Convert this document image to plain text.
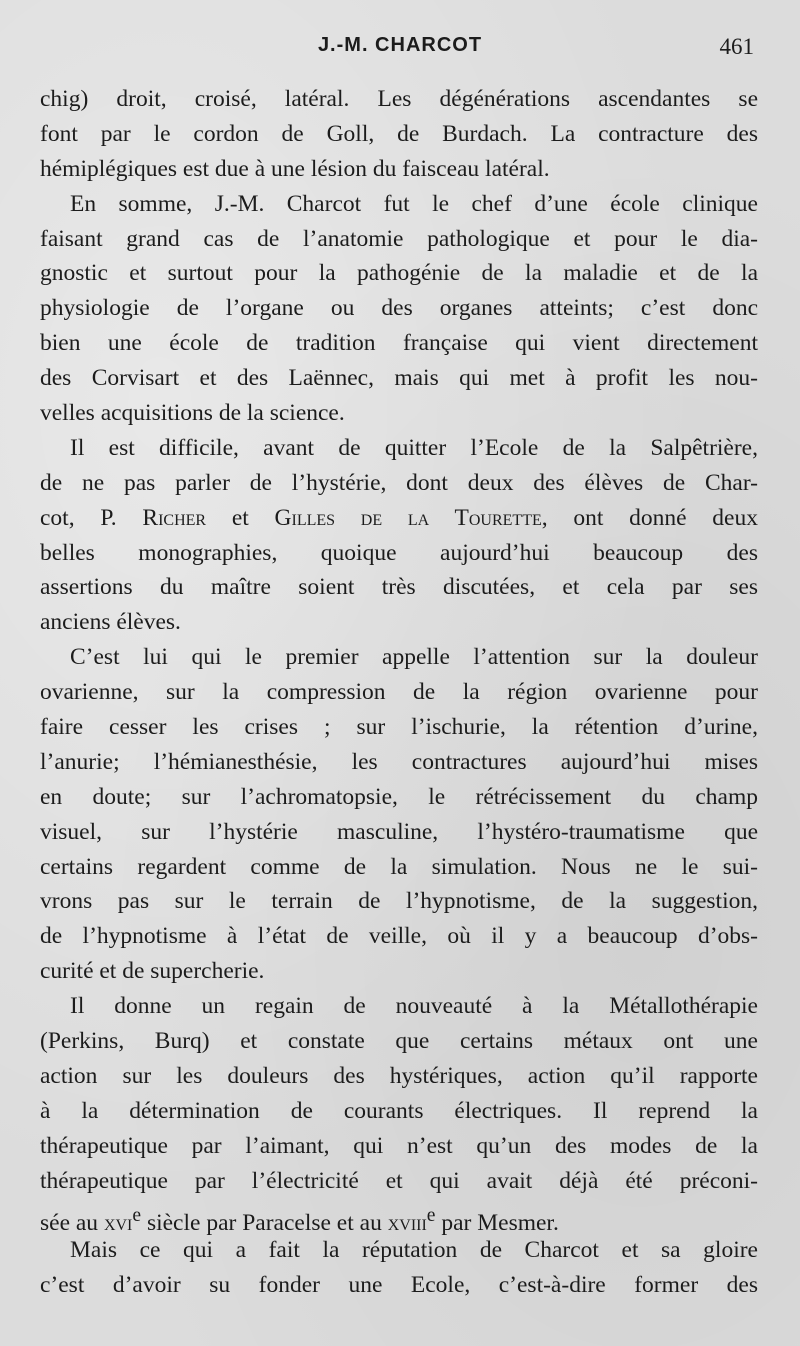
J.-M. CHARCOT	461
chig) droit, croisé, latéral. Les dégénérations ascendantes se
font par le cordon de Goll, de Burdach. La contracture des
hémiplégiques est due à une lésion du faisceau latéral.
En somme, J.-M. Charcot fut le chef d’une école clinique
faisant grand cas de l’anatomie pathologique et pour le dia-
gnostic et surtout pour la pathogénie de la maladie et de la
physiologie de l’organe ou des organes atteints; c’est donc
bien une école de tradition française qui vient directement
des Corvisart et des Laënnec, mais qui met à profit les nou-
velles acquisitions de la science.
Il est difficile, avant de quitter l’Ecole de la Salpêtrière,
de ne pas parler de l’hystérie, dont deux des élèves de Char-
cot, P. Richer et Gilles de la Tourette, ont donné deux
belles monographies, quoique aujourd’hui beaucoup des
assertions du maître soient très discutées, et cela par ses
anciens élèves.
C’est lui qui le premier appelle l’attention sur la douleur
ovarienne, sur la compression de la région ovarienne pour
faire cesser les crises ; sur l’ischurie, la rétention d’urine,
l’anurie; l’hémianesthésie, les contractures aujourd’hui mises
en doute; sur l’achromatopsie, le rétrécissement du champ
visuel, sur l’hystérie masculine, l’hystéro-traumatisme que
certains regardent comme de la simulation. Nous ne le sui-
vrons pas sur le terrain de l’hypnotisme, de la suggestion,
de l’hypnotisme à l’état de veille, où il y a beaucoup d’obs-
curité et de supercherie.
Il donne un regain de nouveauté à la Métallothérapie
(Perkins, Burq) et constate que certains métaux ont une
action sur les douleurs des hystériques, action qu’il rapporte
à la détermination de courants électriques. Il reprend la
thérapeutique par l’aimant, qui n’est qu’un des modes de la
thérapeutique par l’électricité et qui avait déjà été préconi-
sée au xvi$^e$ siècle par Paracelse et au xviii$^e$ par Mesmer.
Mais ce qui a fait la réputation de Charcot et sa gloire
c’est d’avoir su fonder une Ecole, c’est-à-dire former des
